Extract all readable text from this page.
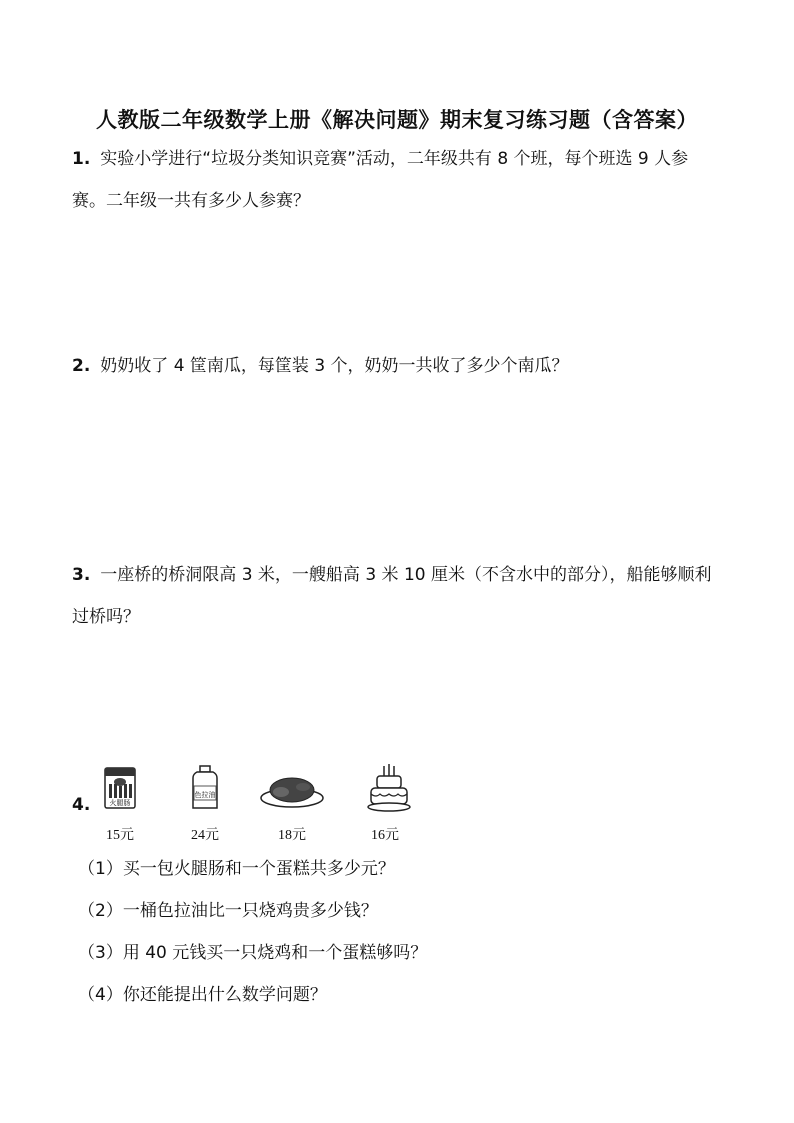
人教版二年级数学上册《解决问题》期末复习练习题（含答案）
1. 实验小学进行“垃圾分类知识竞赛”活动，二年级共有 8 个班，每个班选 9 人参赛。二年级一共有多少人参赛？
2. 奶奶收了 4 筐南瓜，每筐装 3 个，奶奶一共收了多少个南瓜？
3. 一座桥的桥洞限高 3 米，一艘船高 3 米 10 厘米（不含水中的部分），船能够顺利过桥吗？
4.	火腿肠
色拉油
15元	24元	18元	16元
（1）买一包火腿肠和一个蛋糕共多少元？
（2）一桶色拉油比一只烧鸡贵多少钱？
（3）用 40 元钱买一只烧鸡和一个蛋糕够吗？
（4）你还能提出什么数学问题？
